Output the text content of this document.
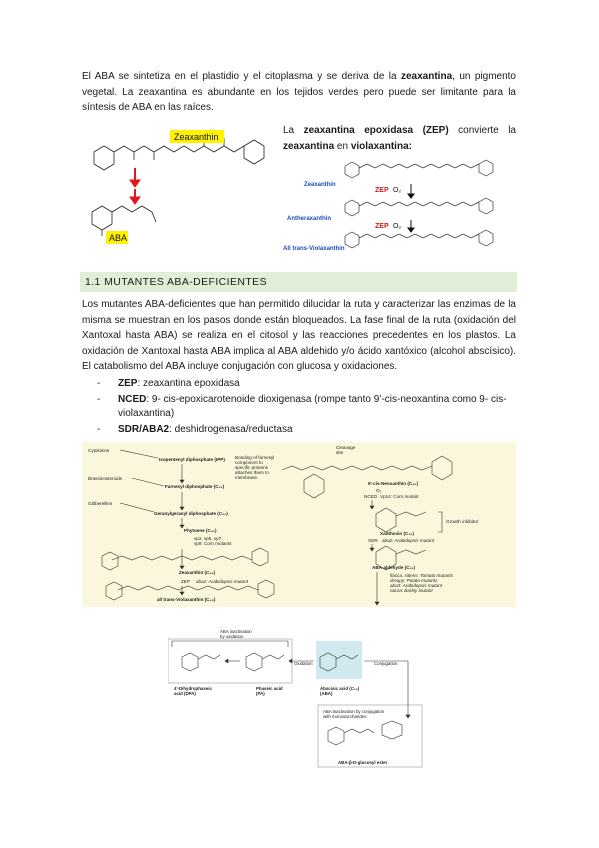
El ABA se sintetiza en el plastidio y el citoplasma y se deriva de la zeaxantina, un pigmento vegetal. La zeaxantina es abundante en los tejidos verdes pero puede ser limitante para la síntesis de ABA en las raíces.
Zeaxanthin
ABA
La zeaxantina epoxidasa (ZEP) convierte la zeaxantina en violaxantina:
Zeaxanthin
ZEP O₂
Antheraxanthin
ZEP O₂
All trans-Violaxanthin
1.1 MUTANTES ABA-DEFICIENTES
Los mutantes ABA-deficientes que han permitido dilucidar la ruta y caracterizar las enzimas de la misma se muestran en los pasos donde están bloqueados. La fase final de la ruta (oxidación del Xantoxal hasta ABA) se realiza en el citosol y las reacciones precedentes en los plastos. La oxidación de Xantoxal hasta ABA implica al ABA aldehido y/o ácido xantóxico (alcohol abscísico). El catabolismo del ABA incluye conjugación con glucosa y oxidaciones.
- ZEP: zeaxantina epoxidasa
- NCED: 9- cis-epoxicarotenoide dioxigenasa (rompe tanto 9’-cis-neoxantina como 9- cis-violaxantina)
- SDR/ABA2: deshidrogenasa/reductasa
Cytokinins
Brassinosteroids
Gibberellins
Isopentenyl diphosphate (IPP)
Farnesyl diphosphate (C₁₅)
Geranylgeranyl diphosphate (C₂₀)
Phytoene (C₄₀)
vp2, vp5, vp7, vp9: Corn mutants
Zeaxanthin (C₄₀)
ZEP aba1: Arabidopsis mutant
all trans-Violaxanthin (C₄₀)
Bonding of farnesyl component to specific proteins attaches them to membrane.
Cleavage site
9'-cis-Neoxanthin (C₄₀)
O₂
NCED Vp14: Corn mutant
Xanthoxin (C₁₅)
Growth inhibitor
SDR aba2: Arabidopsis mutant
ABA-aldehyde (C₁₅)
flacca, sitiens: Tomato mutants droopy: Potato mutants aba3: Arabidopsis mutant nar2a: Barley mutant
ABA inactivation by oxidation
Oxidation	Conjugation
4'-Dihydrophaseic acid (DPA)
Phaseic acid (PA)
Abscisic acid (C₁₅) (ABA)
ABA inactivation by conjugation with monosaccharides
ABA-β-D-glucosyl ester
